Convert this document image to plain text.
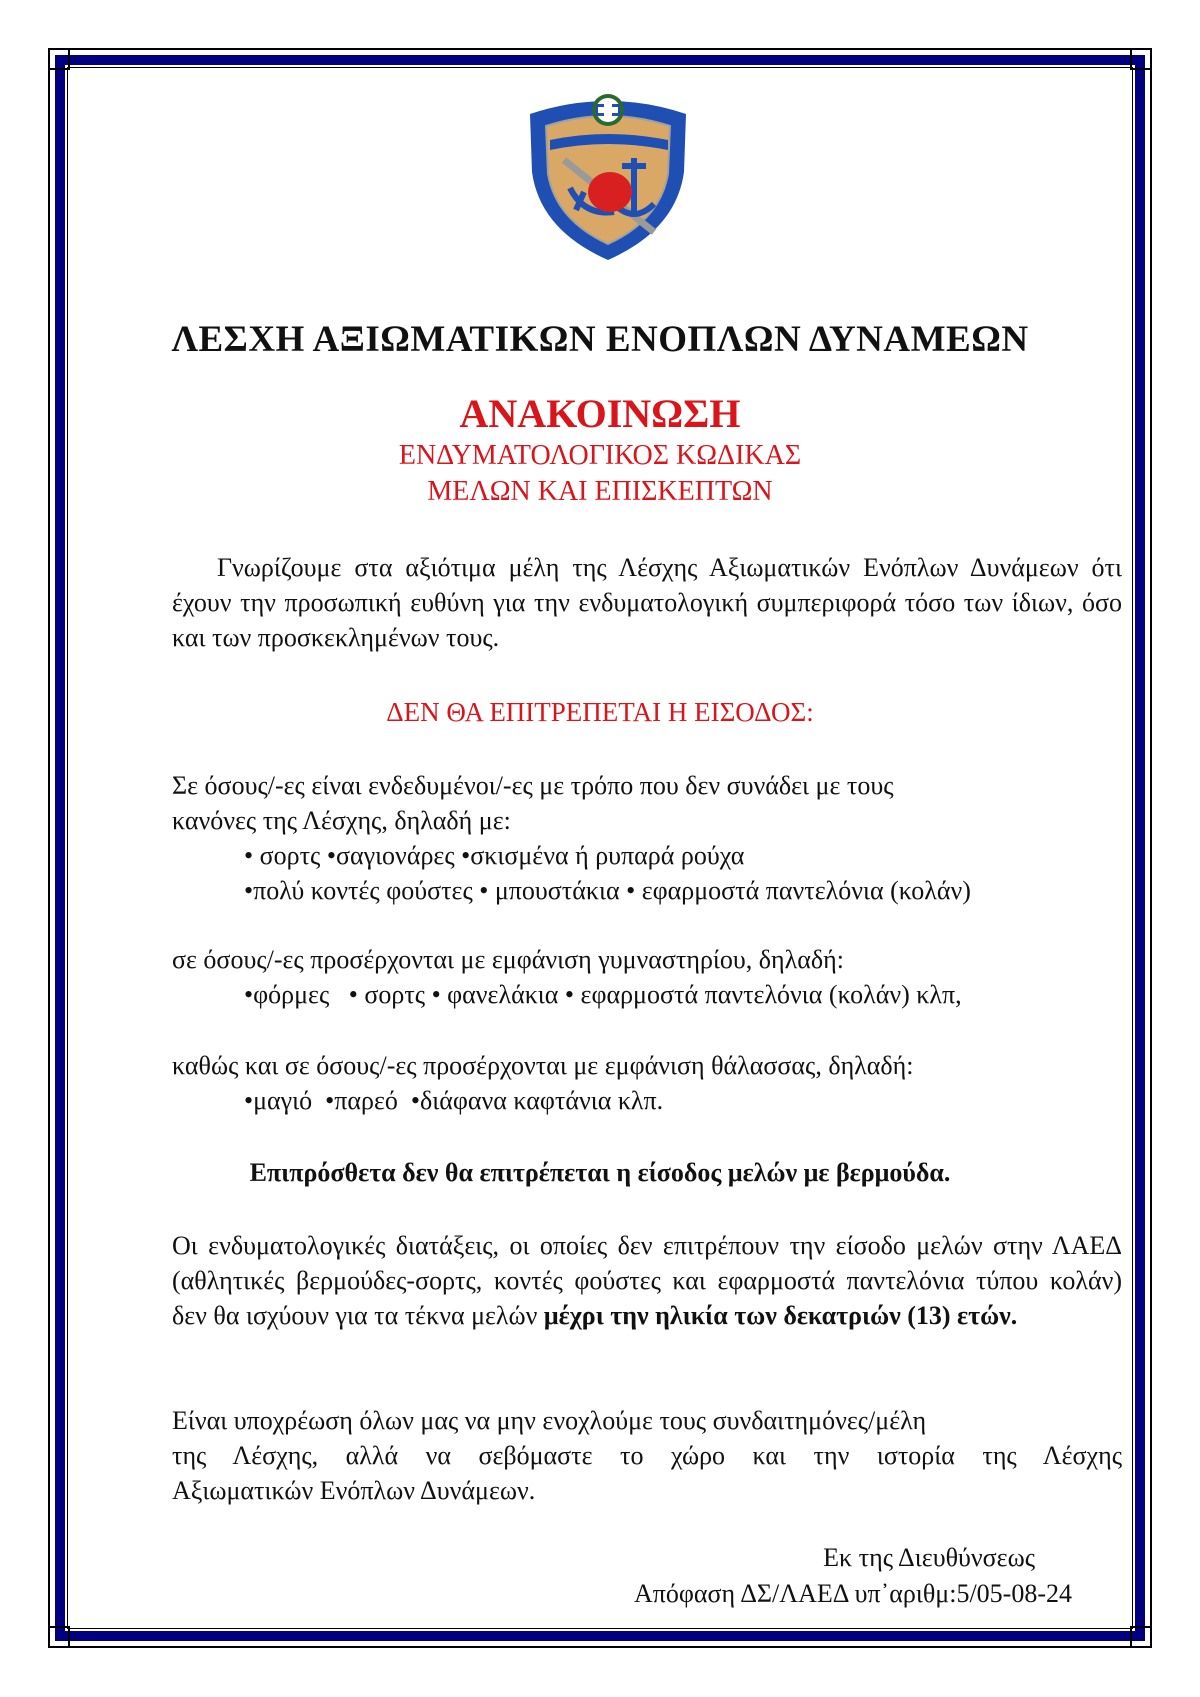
ΛΕΣΧΗ ΑΞΙΩΜΑΤΙΚΩΝ ΕΝΟΠΛΩΝ ΔΥΝΑΜΕΩΝ
ΑΝΑΚΟΙΝΩΣΗ
ΕΝΔΥΜΑΤΟΛΟΓΙΚΟΣ ΚΩΔΙΚΑΣ
ΜΕΛΩΝ ΚΑΙ ΕΠΙΣΚΕΠΤΩΝ
Γνωρίζουμε στα αξιότιμα μέλη της Λέσχης Αξιωματικών Ενόπλων Δυνάμεων ότι έχουν την προσωπική ευθύνη για την ενδυματολογική συμπεριφορά τόσο των ίδιων, όσο και των προσκεκλημένων τους.
ΔΕΝ ΘΑ ΕΠΙΤΡΕΠΕΤΑΙ Η ΕΙΣΟΔΟΣ:
Σε όσους/-ες είναι ενδεδυμένοι/-ες με τρόπο που δεν συνάδει με τους
κανόνες της Λέσχης, δηλαδή με:
• σορτς •σαγιονάρες •σκισμένα ή ρυπαρά ρούχα
•πολύ κοντές φούστες • μπουστάκια • εφαρμοστά παντελόνια (κολάν)
σε όσους/-ες προσέρχονται με εμφάνιση γυμναστηρίου, δηλαδή:
•φόρμες   • σορτς • φανελάκια • εφαρμοστά παντελόνια (κολάν) κλπ,
καθώς και σε όσους/-ες προσέρχονται με εμφάνιση θάλασσας, δηλαδή:
•μαγιό  •παρεό  •διάφανα καφτάνια κλπ.
Επιπρόσθετα δεν θα επιτρέπεται η είσοδος μελών με βερμούδα.
Οι ενδυματολογικές διατάξεις, οι οποίες δεν επιτρέπουν την είσοδο μελών στην ΛΑΕΔ (αθλητικές βερμούδες-σορτς, κοντές φούστες και εφαρμοστά παντελόνια τύπου κολάν) δεν θα ισχύουν για τα τέκνα μελών μέχρι την ηλικία των δεκατριών (13) ετών.
Είναι υποχρέωση όλων μας να μην ενοχλούμε τους συνδαιτημόνες/μέλη
της Λέσχης, αλλά να σεβόμαστε το χώρο και την ιστορία της Λέσχης
Αξιωματικών Ενόπλων Δυνάμεων.
Εκ της Διευθύνσεως
Απόφαση ΔΣ/ΛΑΕΔ υπ᾽αριθμ:5/05-08-24
